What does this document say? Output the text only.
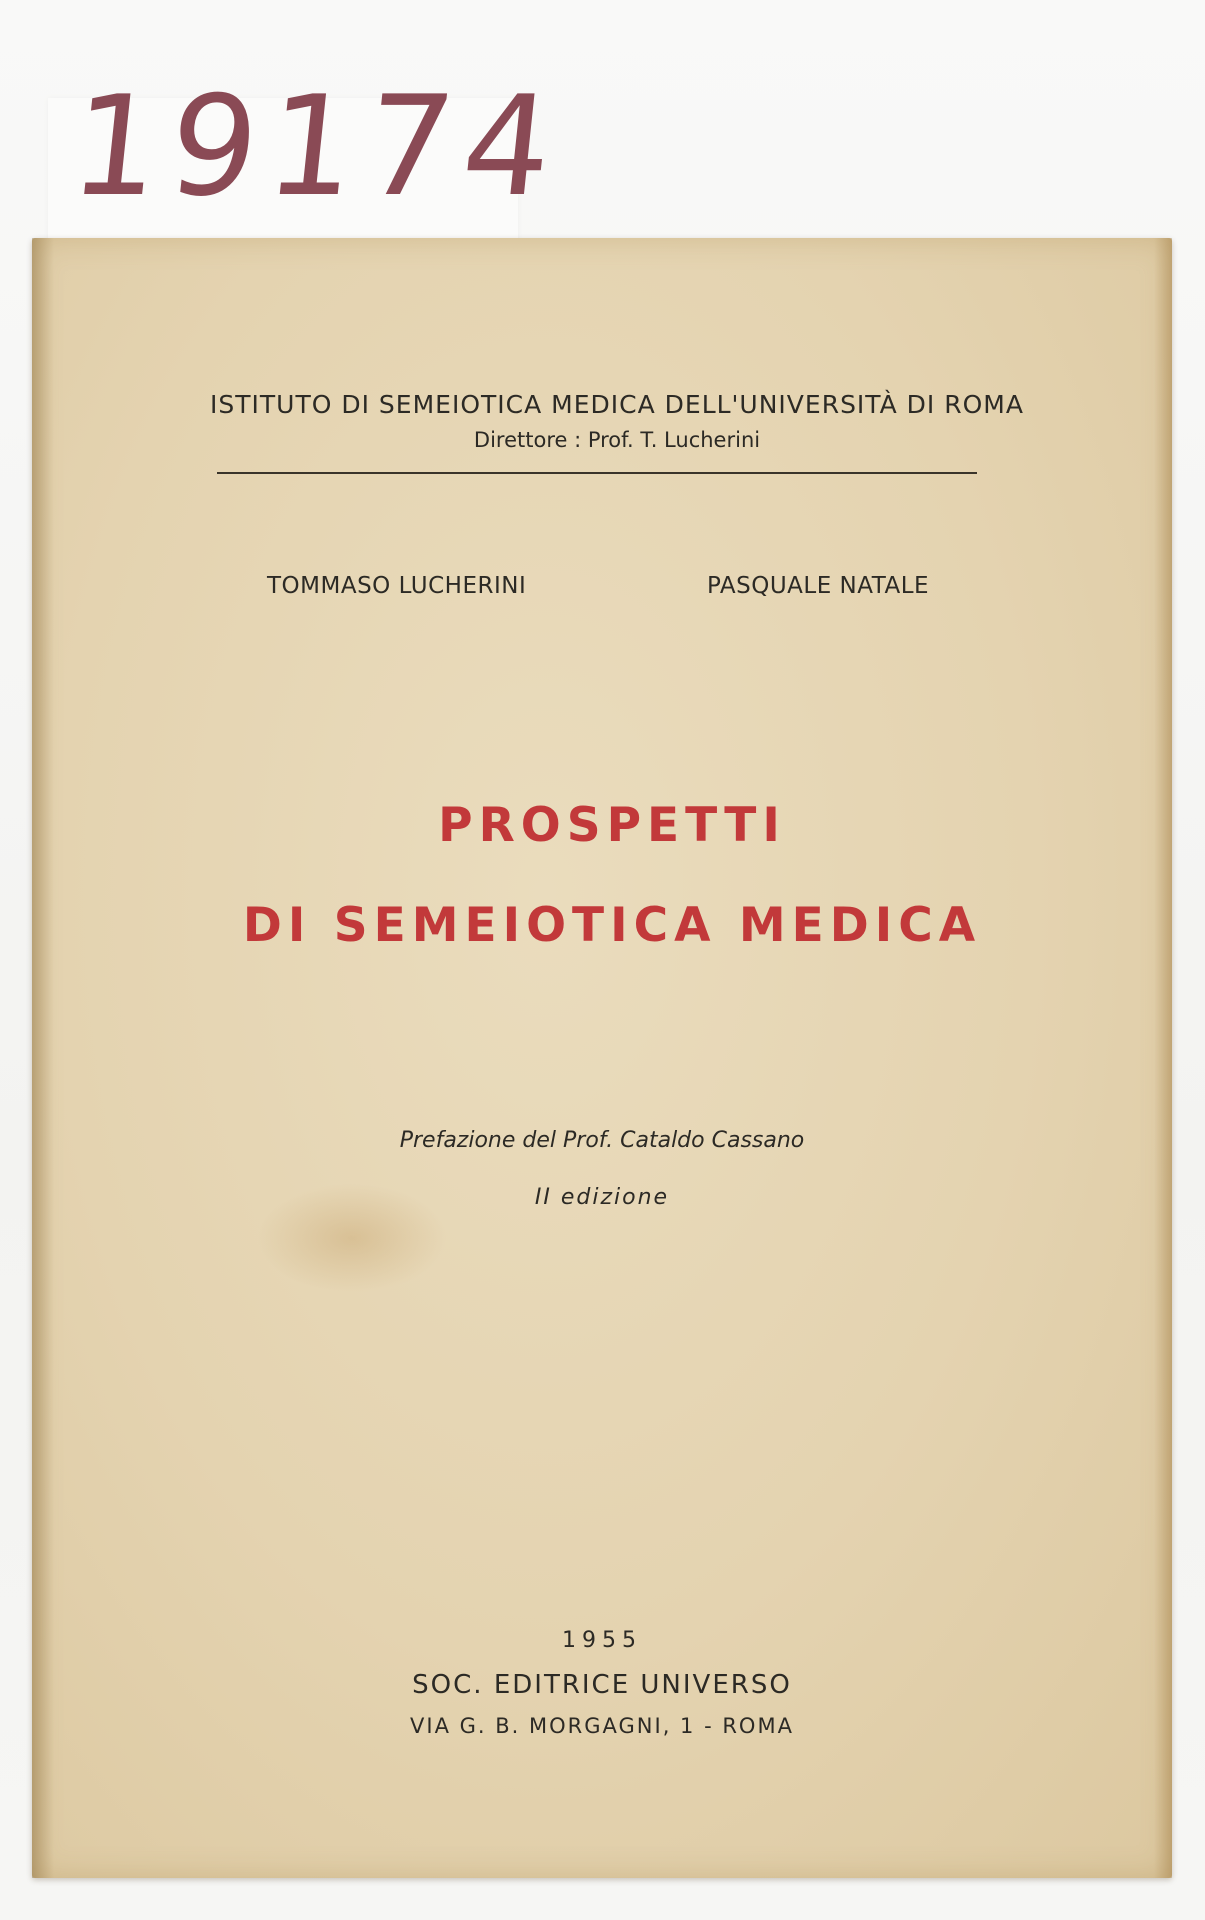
19174
ISTITUTO DI SEMEIOTICA MEDICA DELL'UNIVERSITÀ DI ROMA
Direttore : Prof. T. Lucherini
TOMMASO LUCHERINI	PASQUALE NATALE
PROSPETTI
DI SEMEIOTICA MEDICA
Prefazione del Prof. Cataldo Cassano
II edizione
1955
SOC. EDITRICE UNIVERSO
VIA G. B. MORGAGNI, 1 - ROMA
